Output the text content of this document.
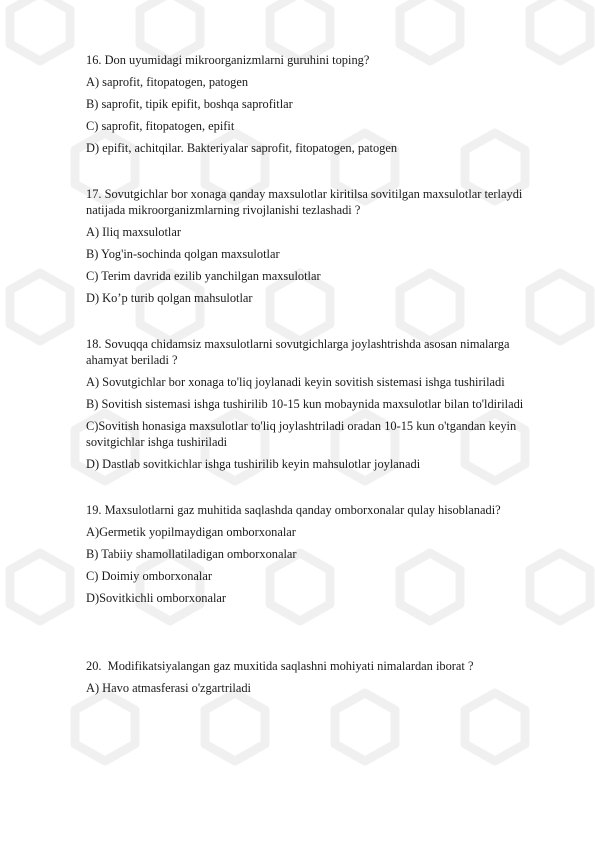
16. Don uyumidagi mikroorganizmlarni guruhini toping?
A) saprofit, fitopatogen, patogen
B) saprofit, tipik epifit, boshqa saprofitlar
C) saprofit, fitopatogen, epifit
D) epifit, achitqilar. Bakteriyalar saprofit, fitopatogen, patogen
17. Sovutgichlar bor xonaga qanday maxsulotlar kiritilsa sovitilgan maxsulotlar terlaydi
natijada mikroorganizmlarning rivojlanishi tezlashadi ?
A) Iliq maxsulotlar
B) Yog'in-sochinda qolgan maxsulotlar
C) Terim davrida ezilib yanchilgan maxsulotlar
D) Ko’p turib qolgan mahsulotlar
18. Sovuqqa chidamsiz maxsulotlarni sovutgichlarga joylashtrishda asosan nimalarga
ahamyat beriladi ?
A) Sovutgichlar bor xonaga to'liq joylanadi keyin sovitish sistemasi ishga tushiriladi
B) Sovitish sistemasi ishga tushirilib 10-15 kun mobaynida maxsulotlar bilan to'ldiriladi
C)Sovitish honasiga maxsulotlar to'liq joylashtriladi oradan 10-15 kun o'tgandan keyin
sovitgichlar ishga tushiriladi
D) Dastlab sovitkichlar ishga tushirilib keyin mahsulotlar joylanadi
19. Maxsulotlarni gaz muhitida saqlashda qanday omborxonalar qulay hisoblanadi?
A)Germetik yopilmaydigan omborxonalar
B) Tabiiy shamollatiladigan omborxonalar
C) Doimiy omborxonalar
D)Sovitkichli omborxonalar
20.  Modifikatsiyalangan gaz muxitida saqlashni mohiyati nimalardan iborat ?
A) Havo atmasferasi o'zgartriladi
